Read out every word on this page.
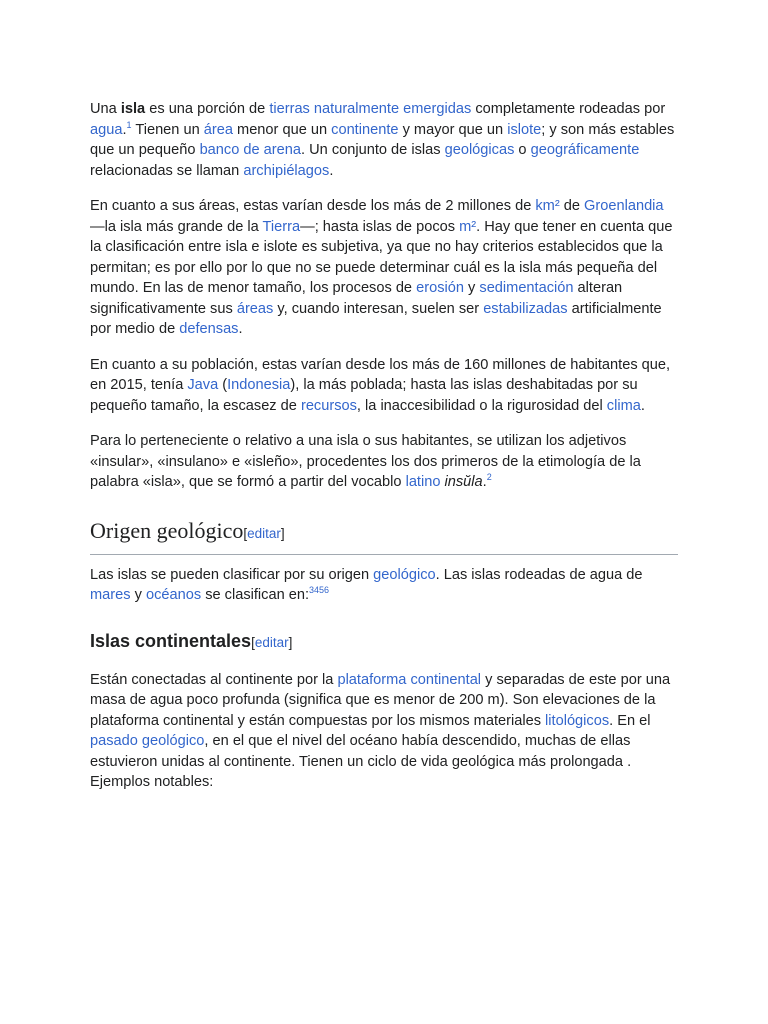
Una isla es una porción de tierras naturalmente emergidas completamente rodeadas por agua.$^1$ Tienen un área menor que un continente y mayor que un islote; y son más estables que un pequeño banco de arena. Un conjunto de islas geológicas o geográficamente relacionadas se llaman archipiélagos.

En cuanto a sus áreas, estas varían desde los más de 2 millones de km² de Groenlandia —la isla más grande de la Tierra—; hasta islas de pocos m². Hay que tener en cuenta que la clasificación entre isla e islote es subjetiva, ya que no hay criterios establecidos que la permitan; es por ello por lo que no se puede determinar cuál es la isla más pequeña del mundo. En las de menor tamaño, los procesos de erosión y sedimentación alteran significativamente sus áreas y, cuando interesan, suelen ser estabilizadas artificialmente por medio de defensas.

En cuanto a su población, estas varían desde los más de 160 millones de habitantes que, en 2015, tenía Java (Indonesia), la más poblada; hasta las islas deshabitadas por su pequeño tamaño, la escasez de recursos, la inaccesibilidad o la rigurosidad del clima.

Para lo perteneciente o relativo a una isla o sus habitantes, se utilizan los adjetivos «insular», «insulano» e «isleño», procedentes los dos primeros de la etimología de la palabra «isla», que se formó a partir del vocablo latino insŭla.$^2$

Origen geológico[editar]

Las islas se pueden clasificar por su origen geológico. Las islas rodeadas de agua de mares y océanos se clasifican en:$^{3456}$

Islas continentales[editar]

Están conectadas al continente por la plataforma continental y separadas de este por una masa de agua poco profunda (significa que es menor de 200 m). Son elevaciones de la plataforma continental y están compuestas por los mismos materiales litológicos. En el pasado geológico, en el que el nivel del océano había descendido, muchas de ellas estuvieron unidas al continente. Tienen un ciclo de vida geológica más prolongada . Ejemplos notables:
